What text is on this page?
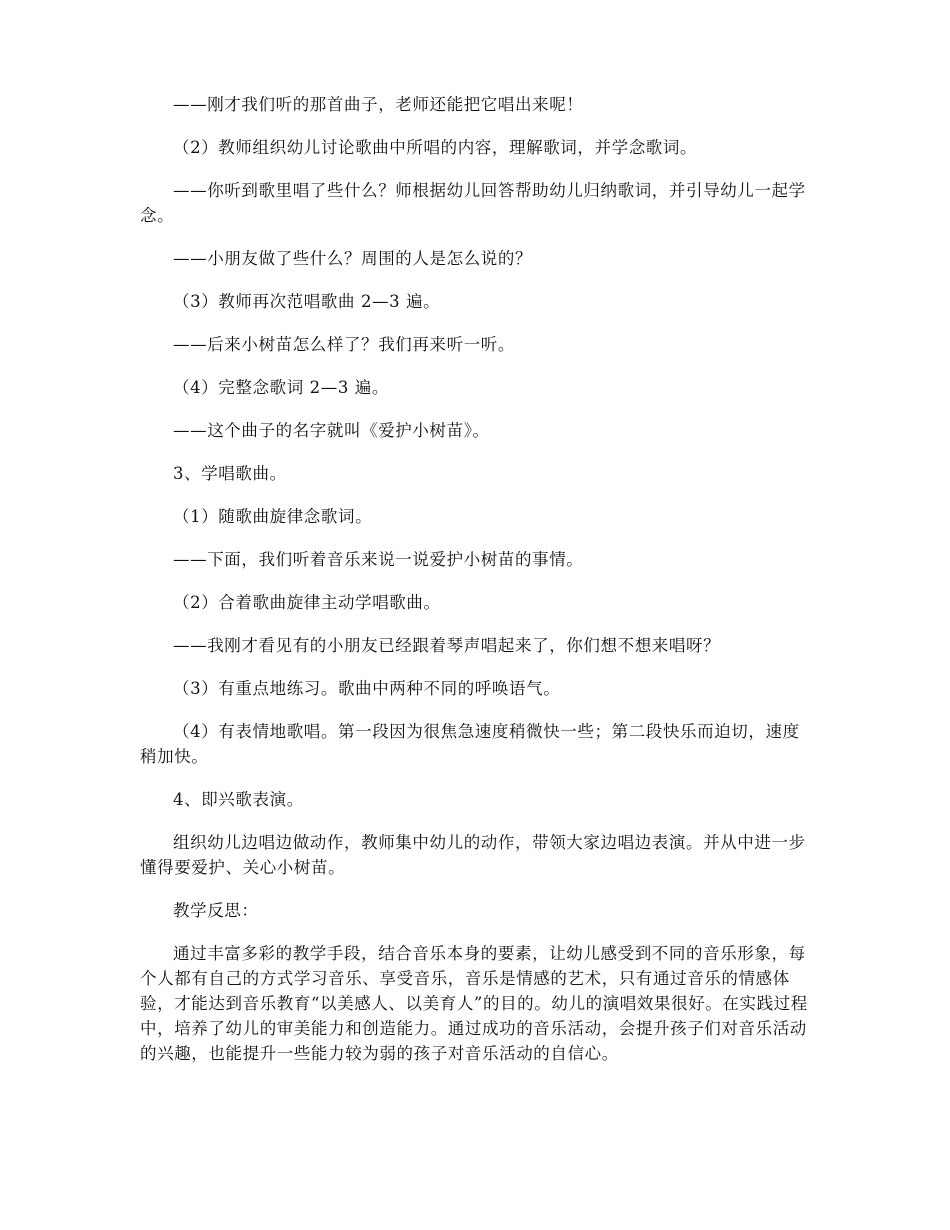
——刚才我们听的那首曲子，老师还能把它唱出来呢！

（2）教师组织幼儿讨论歌曲中所唱的内容，理解歌词，并学念歌词。

——你听到歌里唱了些什么？师根据幼儿回答帮助幼儿归纳歌词，并引导幼儿一起学念。

——小朋友做了些什么？周围的人是怎么说的？

（3）教师再次范唱歌曲 2—3 遍。

——后来小树苗怎么样了？我们再来听一听。

（4）完整念歌词 2—3 遍。

——这个曲子的名字就叫《爱护小树苗》。

3、学唱歌曲。

（1）随歌曲旋律念歌词。

——下面，我们听着音乐来说一说爱护小树苗的事情。

（2）合着歌曲旋律主动学唱歌曲。

——我刚才看见有的小朋友已经跟着琴声唱起来了，你们想不想来唱呀？

（3）有重点地练习。歌曲中两种不同的呼唤语气。

（4）有表情地歌唱。第一段因为很焦急速度稍微快一些；第二段快乐而迫切，速度稍加快。

4、即兴歌表演。

组织幼儿边唱边做动作，教师集中幼儿的动作，带领大家边唱边表演。并从中进一步懂得要爱护、关心小树苗。

教学反思：

通过丰富多彩的教学手段，结合音乐本身的要素，让幼儿感受到不同的音乐形象，每个人都有自己的方式学习音乐、享受音乐，音乐是情感的艺术，只有通过音乐的情感体验，才能达到音乐教育“以美感人、以美育人”的目的。幼儿的演唱效果很好。在实践过程中，培养了幼儿的审美能力和创造能力。通过成功的音乐活动，会提升孩子们对音乐活动的兴趣，也能提升一些能力较为弱的孩子对音乐活动的自信心。
